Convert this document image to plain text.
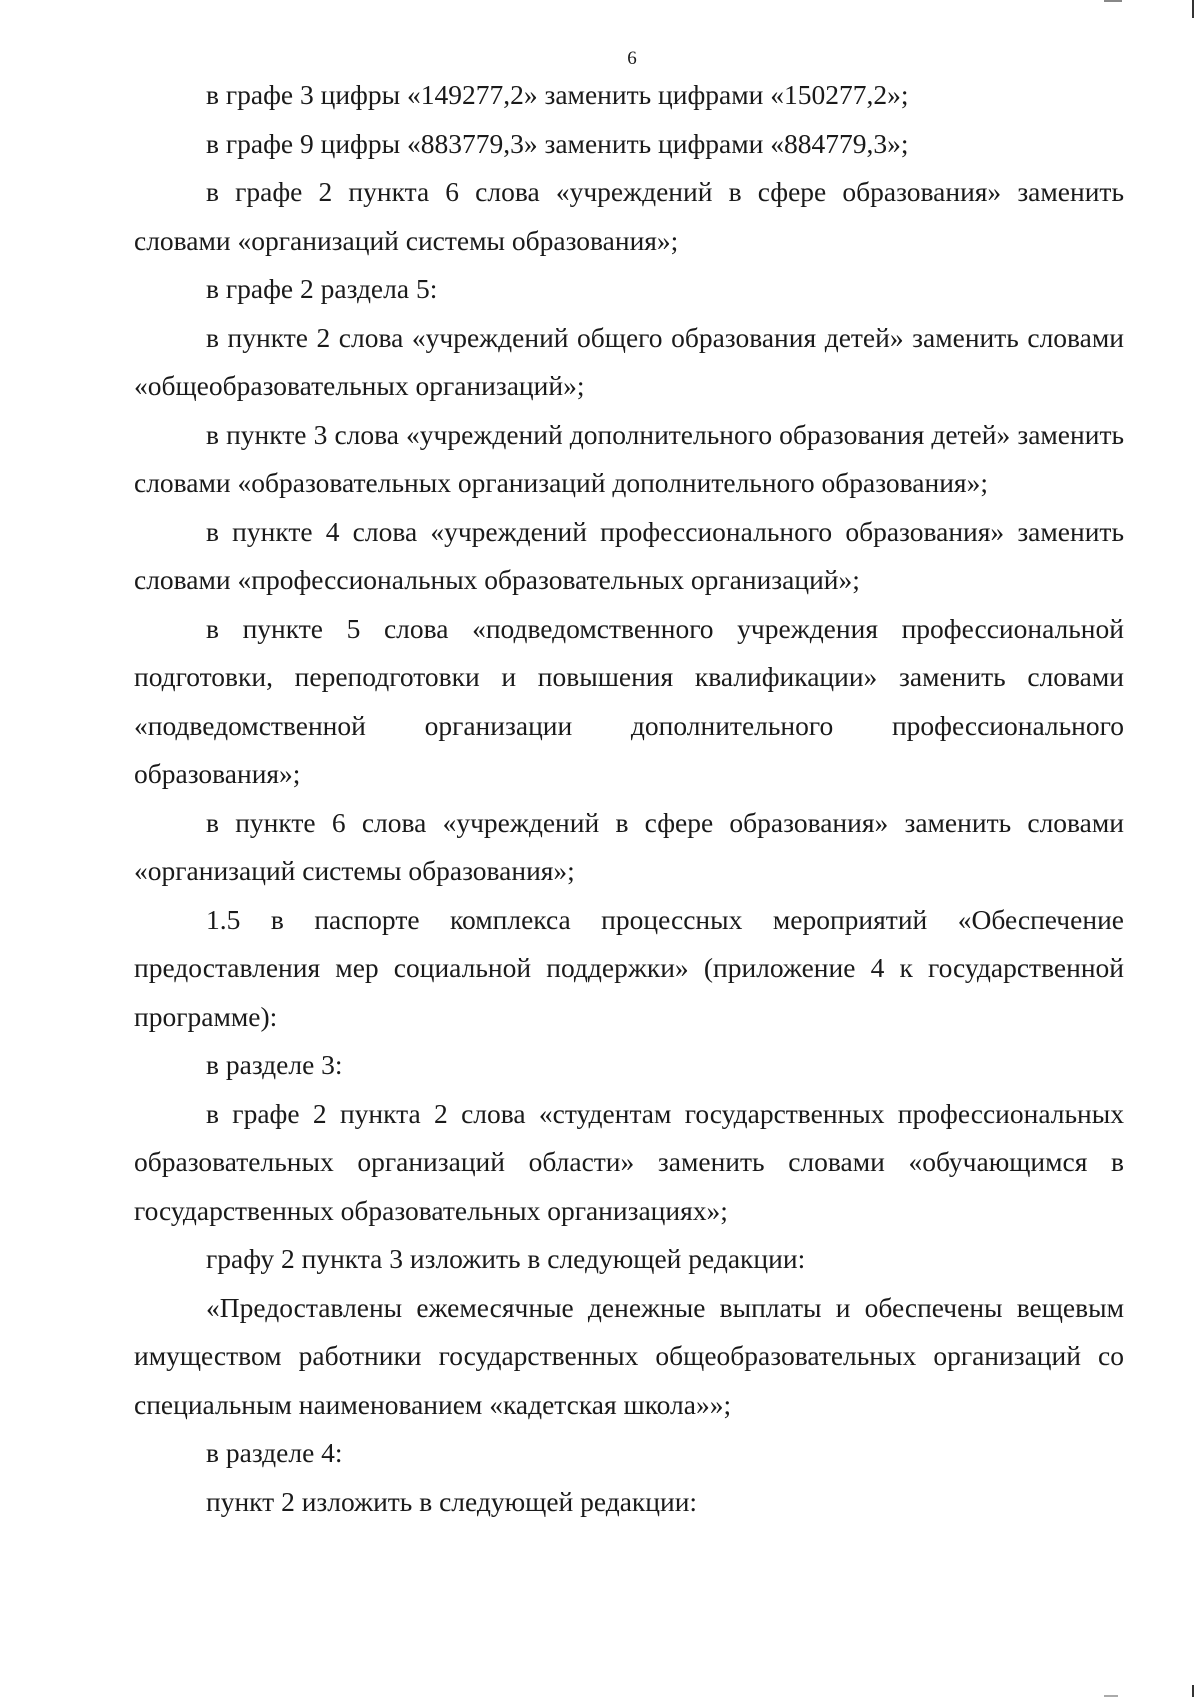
6

в графе 3 цифры «149277,2» заменить цифрами «150277,2»;

в графе 9 цифры «883779,3» заменить цифрами «884779,3»;

в графе 2 пункта 6 слова «учреждений в сфере образования» заменить словами «организаций системы образования»;

в графе 2 раздела 5:

в пункте 2 слова «учреждений общего образования детей» заменить словами «общеобразовательных организаций»;

в пункте 3 слова «учреждений дополнительного образования детей» заменить словами «образовательных организаций дополнительного образования»;

в пункте 4 слова «учреждений профессионального образования» заменить словами «профессиональных образовательных организаций»;

в пункте 5 слова «подведомственного учреждения профессиональной подготовки, переподготовки и повышения квалификации» заменить словами «подведомственной организации дополнительного профессионального образования»;

в пункте 6 слова «учреждений в сфере образования» заменить словами «организаций системы образования»;

1.5 в паспорте комплекса процессных мероприятий «Обеспечение предоставления мер социальной поддержки» (приложение 4 к государственной программе):

в разделе 3:

в графе 2 пункта 2 слова «студентам государственных профессиональных образовательных организаций области» заменить словами «обучающимся в государственных образовательных организациях»;

графу 2 пункта 3 изложить в следующей редакции:

«Предоставлены ежемесячные денежные выплаты и обеспечены вещевым имуществом работники государственных общеобразовательных организаций со специальным наименованием «кадетская школа»»;

в разделе 4:

пункт 2 изложить в следующей редакции:
